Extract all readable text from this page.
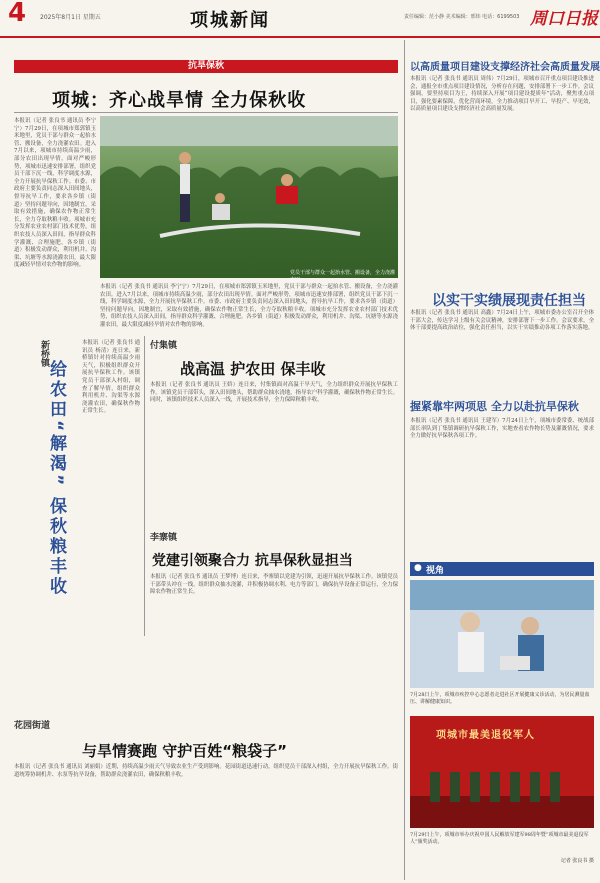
4 2025年8月1日 星期五	项城新闻	责任编辑：范小静 美术编辑：邢炜 电话：6199503 周口日报
抗旱保秋
项城：齐心战旱情 全力保秋收
本报讯（记者 张良书 通讯员 李宁宁）7月29日，在项城市郑郭镇玉米地里，党员干部与群众一起抬水管、搬设备，全力浇灌农田。进入7月以来，项城市持续高温少雨，部分农田出现旱情。面对严峻形势，项城市迅速安排部署，组织党员干部下沉一线，科学调度水源，全力开展抗旱保秋工作。市委、市政府主要负责同志深入田间地头，督导抗旱工作，要求各乡镇（街道）坚持问题导向，因地制宜，采取有效措施，确保农作物正常生长，全力夺取秋粮丰收。项城市充分发挥农业农村部门技术优势，组织农技人员深入田间，指导群众科学灌溉、合理施肥。各乡镇（街道）积极发动群众，利用机井、沟渠、坑塘等水源浇灌农田，最大限度减轻旱情对农作物的影响。
党员干部与群众一起抬水管、搬设备，全力浇灌农田。
本报讯（记者 张良书 通讯员 李宁宁）7月29日，在项城市郑郭镇玉米地里，党员干部与群众一起抬水管、搬设备，全力浇灌农田。进入7月以来，项城市持续高温少雨，部分农田出现旱情。面对严峻形势，项城市迅速安排部署，组织党员干部下沉一线，科学调度水源，全力开展抗旱保秋工作。市委、市政府主要负责同志深入田间地头，督导抗旱工作，要求各乡镇（街道）坚持问题导向，因地制宜，采取有效措施，确保农作物正常生长，全力夺取秋粮丰收。项城市充分发挥农业农村部门技术优势，组织农技人员深入田间，指导群众科学灌溉、合理施肥。各乡镇（街道）积极发动群众，利用机井、沟渠、坑塘等水源浇灌农田，最大限度减轻旱情对农作物的影响。
新桥镇
给农田“解渴” 保秋粮丰收
本报讯（记者 张良书 通讯员 杨清）连日来，新桥镇针对持续高温少雨天气，积极组织群众开展抗旱保秋工作。该镇党员干部深入村组，调查了解旱情，组织群众利用机井、沟渠等水源浇灌农田，确保秋作物正常生长。
付集镇
战高温 护农田 保丰收
本报讯（记者 张良书 通讯员 王娇）连日来，付集镇面对高温干旱天气，全力组织群众开展抗旱保秋工作。该镇党员干部带头，深入田间地头，帮助群众抽水浇地，指导农户科学灌溉，确保秋作物正常生长。同时，该镇组织技术人员深入一线，开展技术指导，全力保障秋粮丰收。
李寨镇
党建引领聚合力 抗旱保秋显担当
本报讯（记者 张良书 通讯员 王梦博）连日来，李寨镇以党建为引领，迅速开展抗旱保秋工作。该镇党员干部带头冲在一线，组织群众抽水浇灌，并积极协调水利、电力等部门，确保抗旱设备正常运行，全力保障农作物正常生长。
花园街道
与旱情赛跑 守护百姓“粮袋子”
本报讯（记者 张良书 通讯员 刘丽娟）近期，持续高温少雨天气导致农业生产受到影响。花园街道迅速行动，组织党员干部深入村组，全力开展抗旱保秋工作。街道统筹协调机井、水泵等抗旱设备，帮助群众浇灌农田，确保秋粮丰收。
以高质量项目建设支撑经济社会高质量发展
本报讯（记者 张良书 通讯员 周伟）7月29日，项城市召开重点项目建设推进会，通报全市重点项目建设情况，分析存在问题，安排部署下一步工作。会议强调，要坚持项目为王，持续深入开展“项目建设提质年”活动，聚焦重点项目，强化要素保障，优化营商环境，全力推动项目早开工、早投产、早见效，以高质量项目建设支撑经济社会高质量发展。
以实干实绩展现责任担当
本报讯（记者 张良书 通讯员 高鑫）7月24日上午，项城市委办公室召开全体干部大会，传达学习上级有关会议精神，安排部署下一步工作。会议要求，全体干部要提高政治站位，强化责任担当，以实干实绩推动各项工作落实落地。
握紧靠牢两项思 全力以赴抗旱保秋
本报讯（记者 张良书 通讯员 王建军）7月24日上午，项城市委常委、统战部部长率队到丁集镇调研抗旱保秋工作，实地查看农作物长势及灌溉情况，要求全力做好抗旱保秋各项工作。
● 视角
7月28日上午，项城市疾控中心志愿者走进社区开展健康义诊活动，为居民测量血压、讲解健康知识。
项城市最美退役军人
7月29日上午，项城市举办庆祝中国人民解放军建军98周年暨“项城市最美退役军人”颁奖活动。
记者 张良书 摄
